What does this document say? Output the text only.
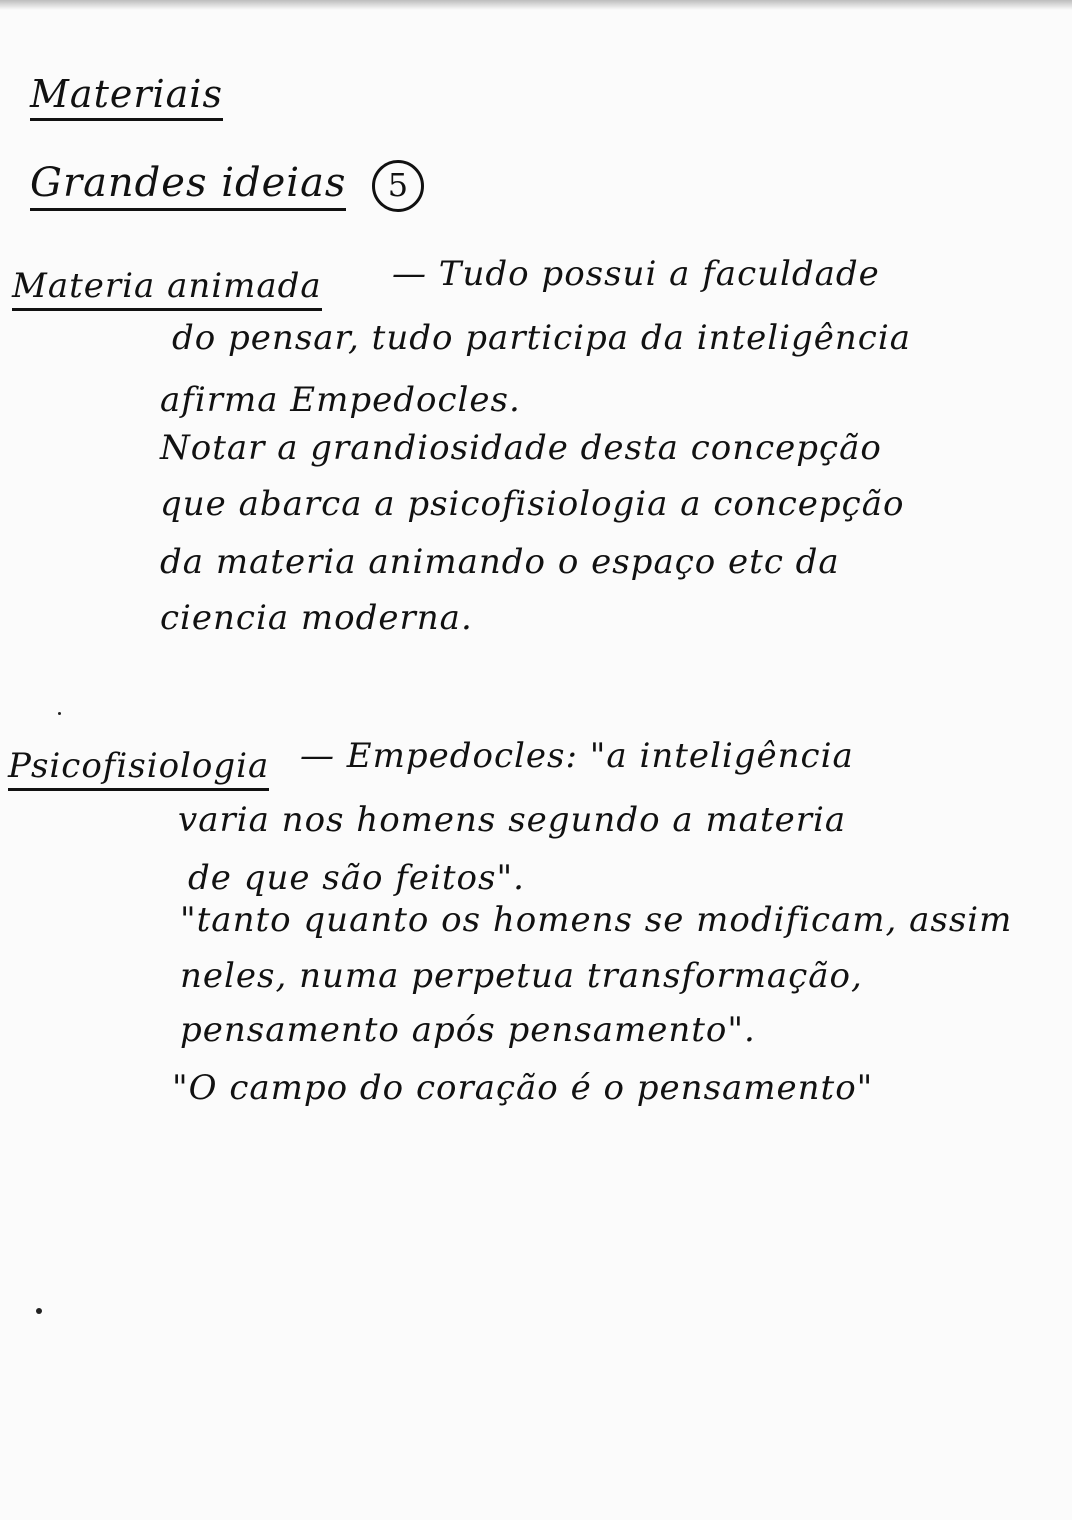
Materiais
Grandes ideias 5
Materia animada — Tudo possui a faculdade
do pensar, tudo participa da inteligência
afirma Empedocles.
Notar a grandiosidade desta concepção
que abarca a psicofisiologia a concepção
da materia animando o espaço etc da
ciencia moderna.
Psicofisiologia — Empedocles: "a inteligência
varia nos homens segundo a materia
de que são feitos".
"tanto quanto os homens se modificam, assim
neles, numa perpetua transformação,
pensamento após pensamento".
"O campo do coração é o pensamento"
